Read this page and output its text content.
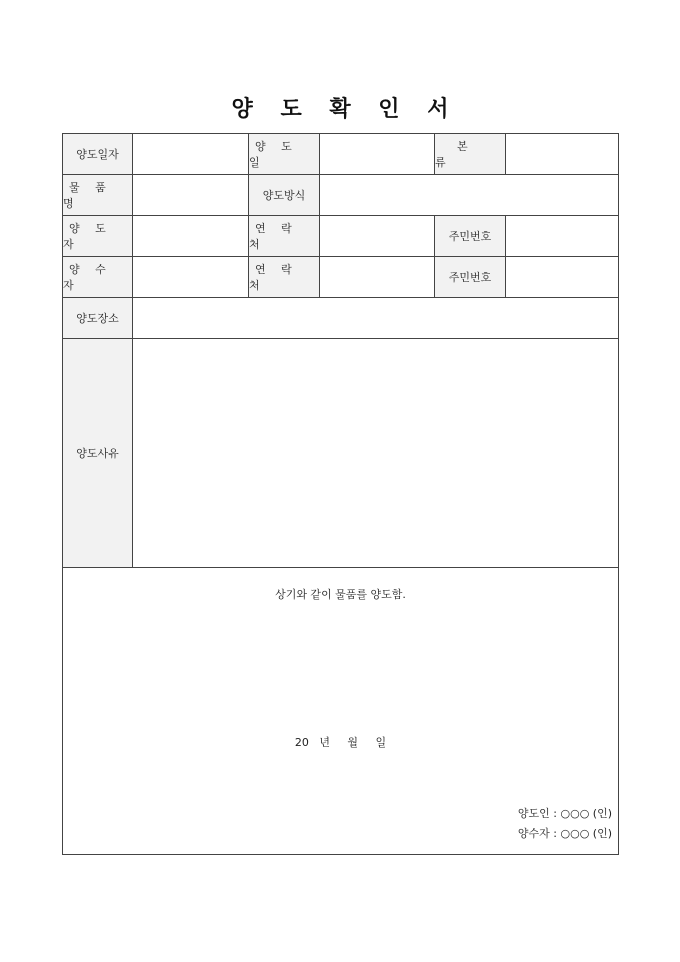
양 도 확 인 서
양도일자
양 도 일
본 류
물 품 명
양도방식
양 도 자
연 락 처
주민번호
양 수 자
연 락 처
주민번호
양도장소
양도사유
상기와 같이 물품를 양도함.
20   년     월     일
양도인 : ○○○ (인)
양수자 : ○○○ (인)
